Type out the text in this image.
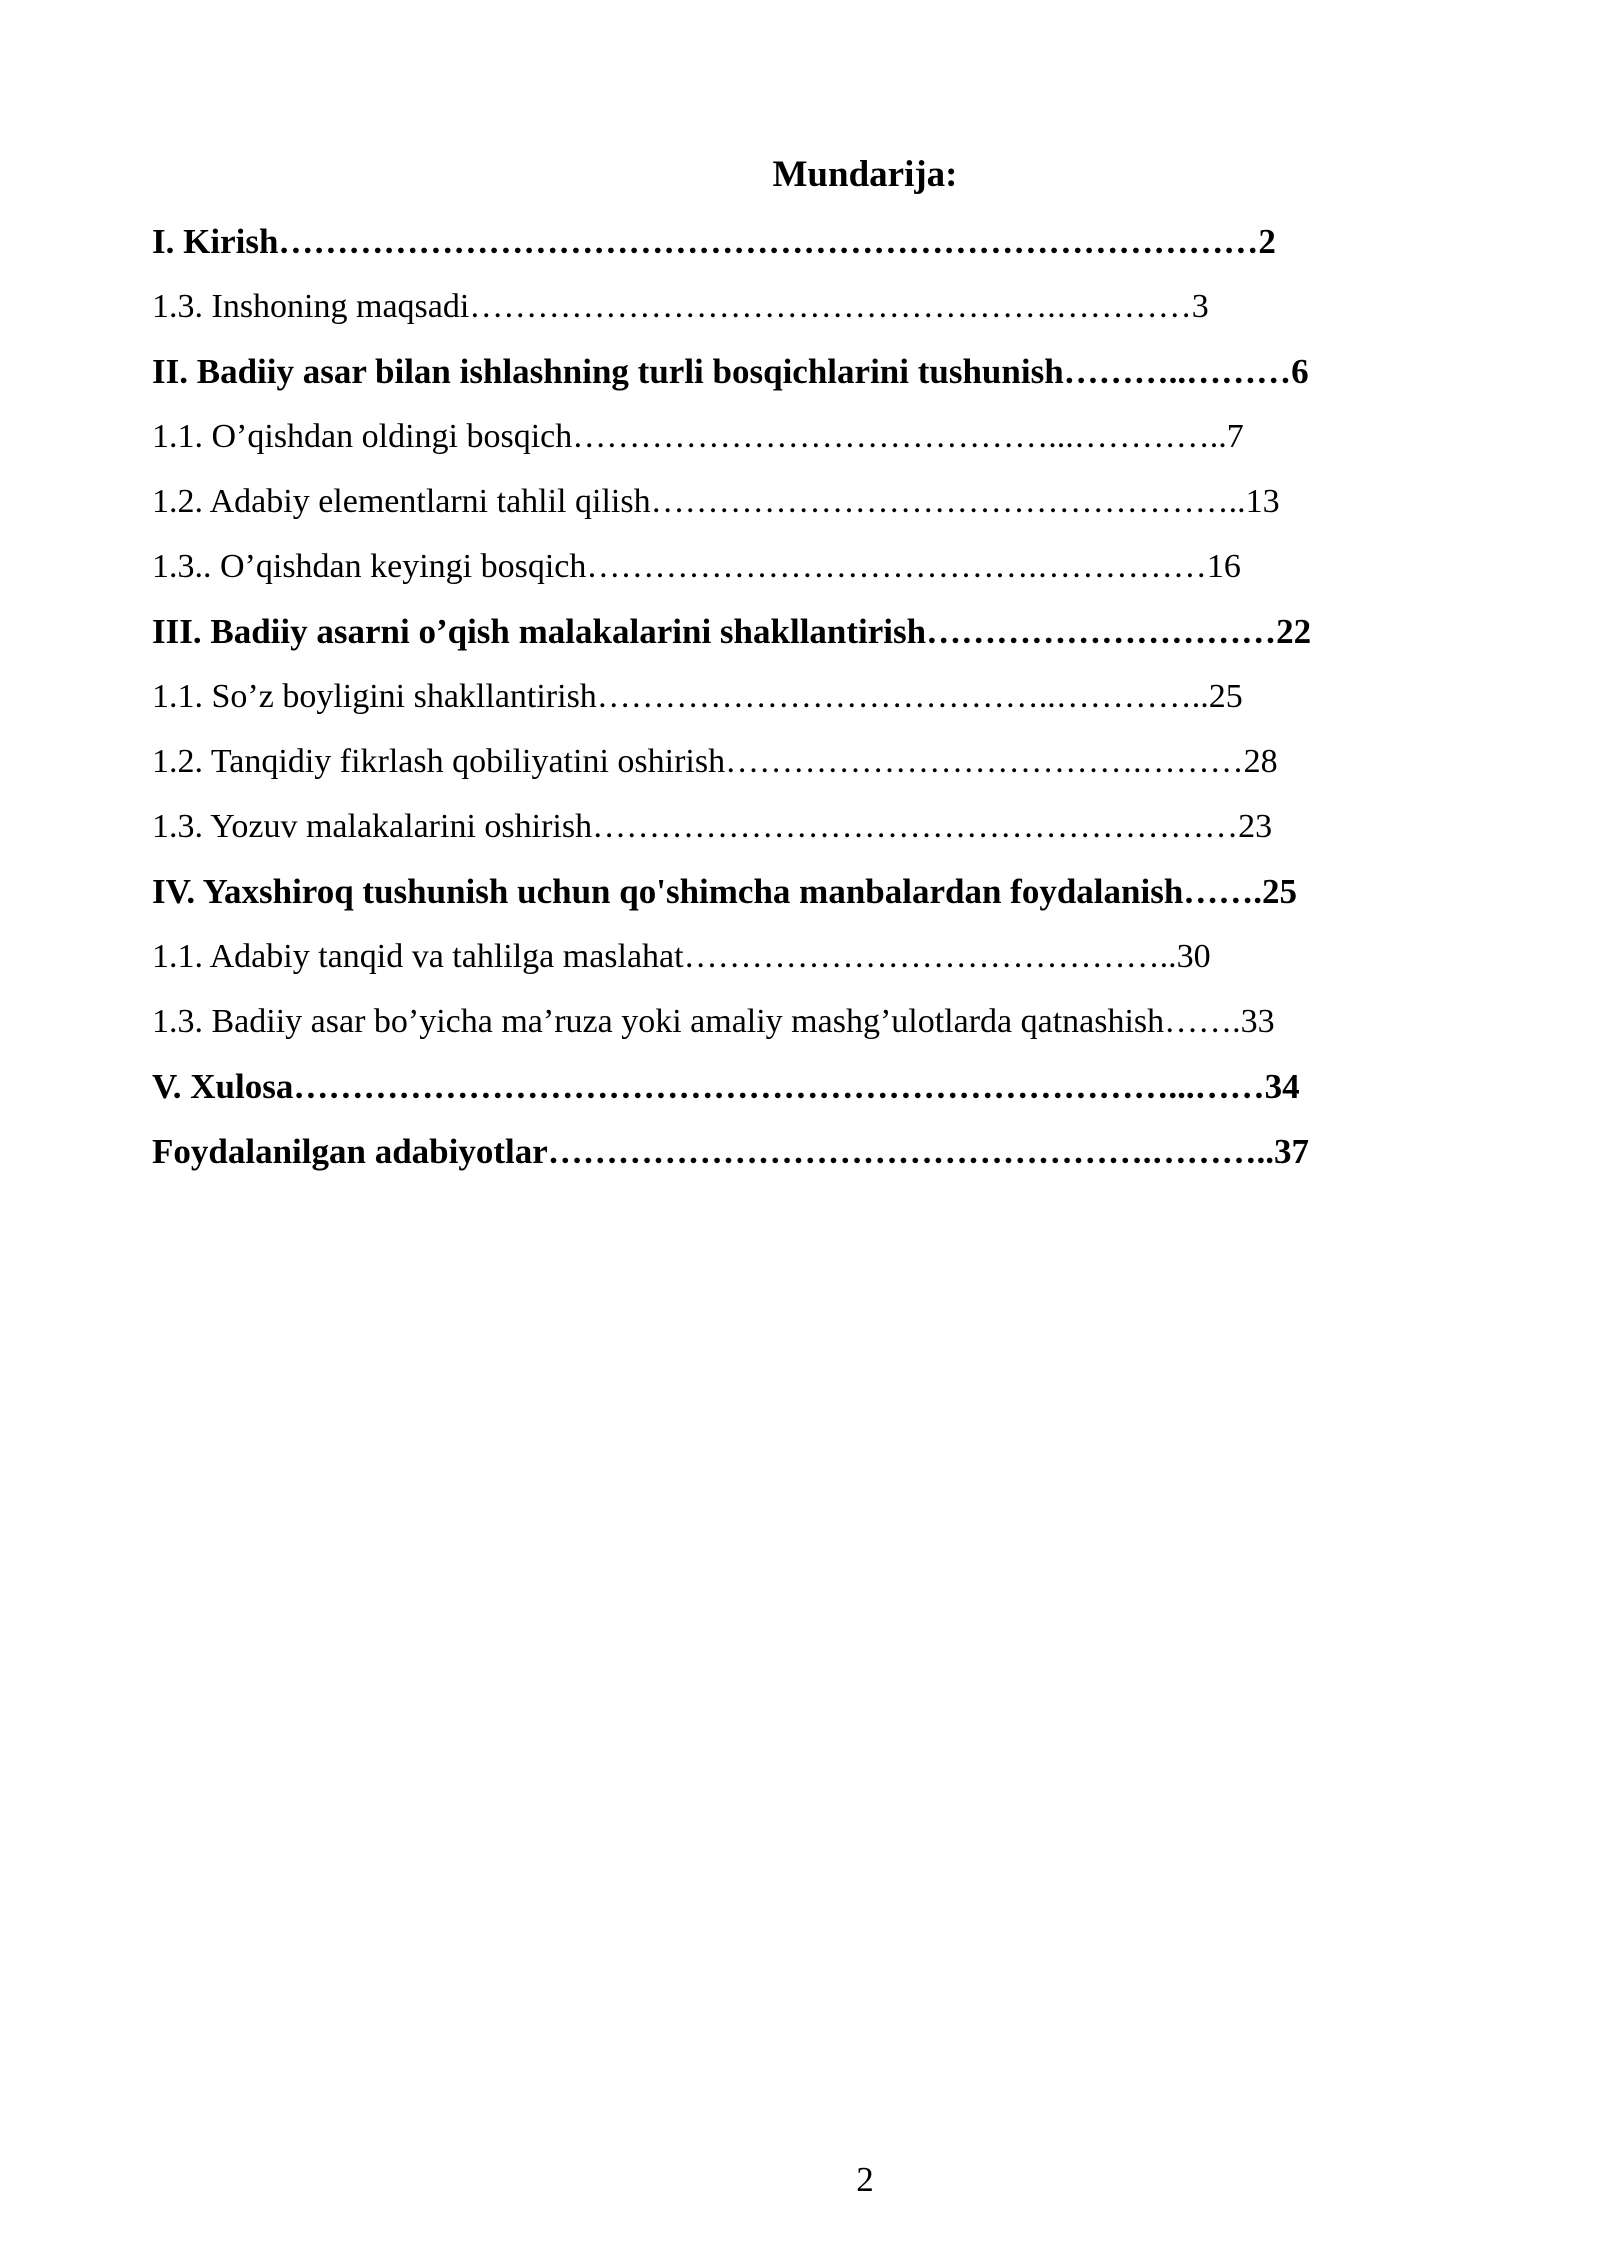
Mundarija:
I. Kirish…………………………………………………………………………2
1.3. Inshoning maqsadi…………………………………………….…………3
II. Badiiy asar bilan ishlashning turli bosqichlarini tushunish………..………6
1.1. O’qishdan oldingi bosqich……………………………………...…………..7
1.2. Adabiy elementlarni tahlil qilish……………………………………………..13
1.3.. O’qishdan keyingi bosqich………………………………….……………16
III. Badiiy asarni o’qish malakalarini shakllantirish…………………………22
1.1. So’z boyligini shakllantirish…………………………………..…………..25
1.2. Tanqidiy fikrlash qobiliyatini oshirish……………………………….………28
1.3. Yozuv malakalarini oshirish…………………………………………………23
IV. Yaxshiroq tushunish uchun qo'shimcha manbalardan foydalanish…….25
1.1. Adabiy tanqid va tahlilga maslahat……………………………………..30
1.3. Badiiy asar bo’yicha ma’ruza yoki amaliy mashg’ulotlarda qatnashish…….33
V. Xulosa…………………………………………………………………...……34
Foydalanilgan adabiyotlar…………………………………………….………..37
2
